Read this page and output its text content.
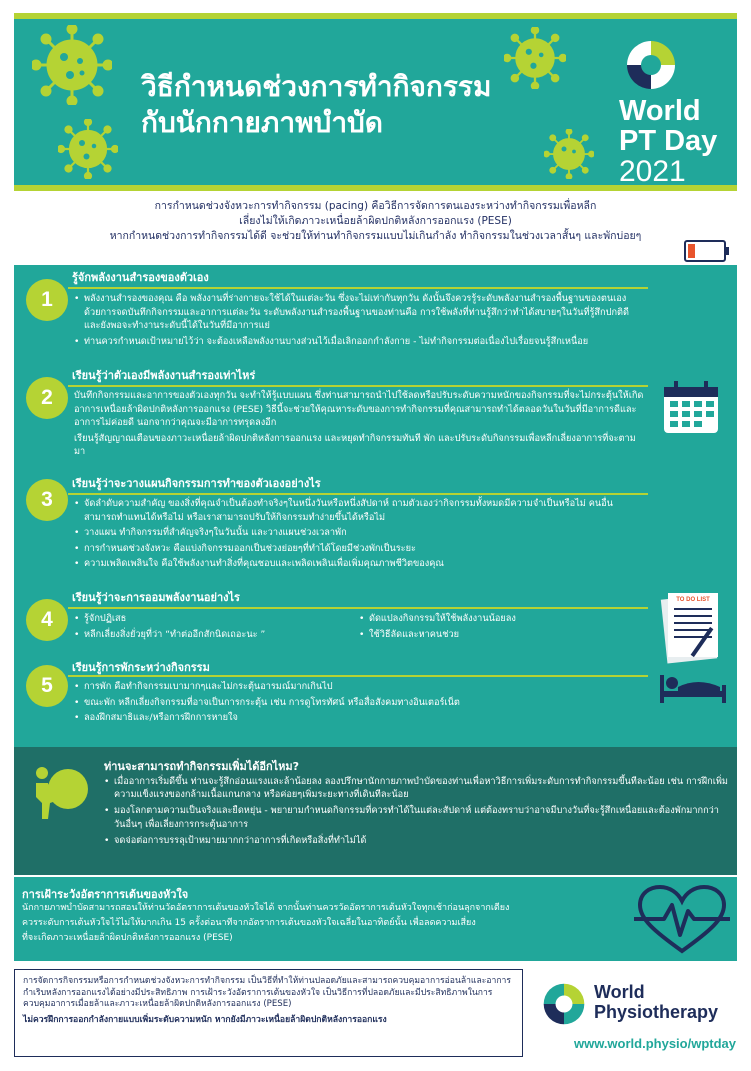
วิธีกำหนดช่วงการทำกิจกรรม
กับนักกายภาพบำบัด	World
PT Day
2021
การกำหนดช่วงจังหวะการทำกิจกรรม (pacing) คือวิธีการจัดการตนเองระหว่างทำกิจกรรมเพื่อหลีก
เลี่ยงไม่ให้เกิดภาวะเหนื่อยล้าผิดปกติหลังการออกแรง (PESE)
หากกำหนดช่วงการทำกิจกรรมได้ดี จะช่วยให้ท่านทำกิจกรรมแบบไม่เกินกำลัง ทำกิจกรรมในช่วงเวลาสั้นๆ และพักบ่อยๆ
1
รู้จักพลังงานสำรองของตัวเอง
• พลังงานสำรองของคุณ คือ พลังงานที่ร่างกายจะใช้ได้ในแต่ละวัน ซึ่งจะไม่เท่ากันทุกวัน ดังนั้นจึงควรรู้ระดับพลังงานสำรองพื้นฐานของตนเอง ด้วยการจดบันทึกกิจกรรมและอาการแต่ละวัน ระดับพลังงานสำรองพื้นฐานของท่านคือ การใช้พลังที่ท่านรู้สึกว่าทำได้สบายๆในวันที่รู้สึกปกติดีและยังพอจะทำงานระดับนี้ได้ในวันที่มีอาการแย่
• ท่านควรกำหนดเป้าหมายไว้ว่า จะต้องเหลือพลังงานบางส่วนไว้เมื่อเลิกออกกำลังกาย - ไม่ทำกิจกรรมต่อเนื่องไปเรื่อยจนรู้สึกเหนื่อย
2
เรียนรู้ว่าตัวเองมีพลังงานสำรองเท่าไหร่

บันทึกกิจกรรมและอาการของตัวเองทุกวัน จะทำให้รู้แบบแผน ซึ่งท่านสามารถนำไปใช้ลดหรือปรับระดับความหนักของกิจกรรมที่จะไม่กระตุ้นให้เกิดอาการเหนื่อยล้าผิดปกติหลังการออกแรง (PESE) วิธีนี้จะช่วยให้คุณหาระดับของการทำกิจกรรมที่คุณสามารถทำได้ตลอดวันในวันที่มีอาการดีและอาการไม่ค่อยดี นอกจากว่าคุณจะมีอาการทรุดลงอีก

เรียนรู้สัญญาณเตือนของภาวะเหนื่อยล้าผิดปกติหลังการออกแรง และหยุดทำกิจกรรมทันที พัก และปรับระดับกิจกรรมเพื่อหลีกเลี่ยงอาการที่จะตามมา

3
เรียนรู้ว่าจะวางแผนกิจกรรมการทำของตัวเองอย่างไร
• จัดลำดับความสำคัญ ของสิ่งที่คุณจำเป็นต้องทำจริงๆในหนึ่งวันหรือหนึ่งสัปดาห์ ถามตัวเองว่ากิจกรรมทั้งหมดมีความจำเป็นหรือไม่ คนอื่นสามารถทำแทนได้หรือไม่ หรือเราสามารถปรับให้กิจกรรมทำง่ายขึ้นได้หรือไม่
• วางแผน ทำกิจกรรมที่สำคัญจริงๆในวันนั้น และวางแผนช่วงเวลาพัก
• การกำหนดช่วงจังหวะ คือแบ่งกิจกรรมออกเป็นช่วงย่อยๆที่ทำได้โดยมีช่วงพักเป็นระยะ
• ความเพลิดเพลินใจ คือใช้พลังงานทำสิ่งที่คุณชอบและเพลิดเพลินเพื่อเพิ่มคุณภาพชีวิตของคุณ
4
เรียนรู้ว่าจะการออมพลังงานอย่างไร
• รู้จักปฏิเสธ
• หลีกเลี่ยงสิ่งยั่วยุที่ว่า “ทำต่ออีกสักนิดเถอะนะ ”
• ดัดแปลงกิจกรรมให้ใช้พลังงานน้อยลง
• ใช้วิธีลัดและหาคนช่วย
TO DO LIST
5
เรียนรู้การพักระหว่างกิจกรรม
• การพัก คือทำกิจกรรมเบามากๆและไม่กระตุ้นอารมณ์มากเกินไป
• ขณะพัก หลีกเลี่ยงกิจกรรมที่อาจเป็นการกระตุ้น เช่น การดูโทรทัศน์ หรือสื่อสังคมทางอินเตอร์เน็ต
• ลองฝึกสมาธิและ/หรือการฝึกการหายใจ
ท่านจะสามารถทำกิจกรรมเพิ่มได้อีกไหม?
• เมื่ออาการเริ่มดีขึ้น ท่านจะรู้สึกอ่อนแรงและล้าน้อยลง ลองปรึกษานักกายภาพบำบัดของท่านเพื่อหาวิธีการเพิ่มระดับการทำกิจกรรมขึ้นทีละน้อย เช่น การฝึกเพิ่มความแข็งแรงของกล้ามเนื้อแกนกลาง หรือค่อยๆเพิ่มระยะทางที่เดินทีละน้อย
• มองโลกตามความเป็นจริงและยืดหยุ่น - พยายามกำหนดกิจกรรมที่ควรทำได้ในแต่ละสัปดาห์ แต่ต้องทราบว่าอาจมีบางวันที่จะรู้สึกเหนื่อยและต้องพักมากกว่าวันอื่นๆ เพื่อเลี่ยงการกระตุ้นอาการ
• จดจ่อต่อการบรรลุเป้าหมายมากกว่าอาการที่เกิดหรือสิ่งที่ทำไม่ได้
การเฝ้าระวังอัตราการเต้นของหัวใจ
นักกายภาพบำบัดสามารถสอนให้ท่านวัดอัตราการเต้นของหัวใจได้ จากนั้นท่านควรวัดอัตราการเต้นหัวใจทุกเช้าก่อนลุกจากเตียง
ควรระดับการเต้นหัวใจไว้ไม่ให้มากเกิน 15 ครั้งต่อนาทีจากอัตราการเต้นของหัวใจเฉลี่ยในอาทิตย์นั้น เพื่อลดความเสี่ยง
ที่จะเกิดภาวะเหนื่อยล้าผิดปกติหลังการออกแรง (PESE)
การจัดการกิจกรรมหรือการกำหนดช่วงจังหวะการทำกิจกรรม เป็นวิธีที่ทำให้ท่านปลอดภัยและสามารถควบคุมอาการอ่อนล้าและอาการกำเริบหลังการออกแรงได้อย่างมีประสิทธิภาพ การเฝ้าระวังอัตราการเต้นของหัวใจ เป็นวิธีการที่ปลอดภัยและมีประสิทธิภาพในการควบคุมอาการเมื่อยล้าและภาวะเหนื่อยล้าผิดปกติหลังการออกแรง (PESE)
ไม่ควรฝึกการออกกำลังกายแบบเพิ่มระดับความหนัก หากยังมีภาวะเหนื่อยล้าผิดปกติหลังการออกแรง
World
Physiotherapy
www.world.physio/wptday
